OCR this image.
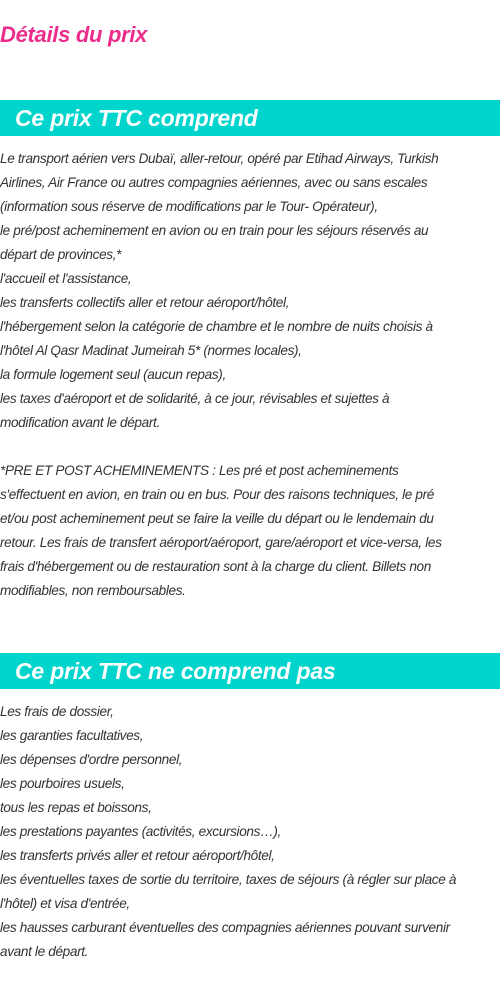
Détails du prix
Ce prix TTC comprend
Le transport aérien vers Dubaï, aller-retour, opéré par Etihad Airways, Turkish
Airlines, Air France ou autres compagnies aériennes, avec ou sans escales
(information sous réserve de modifications par le Tour- Opérateur),
le pré/post acheminement en avion ou en train pour les séjours réservés au
départ de provinces,*
l'accueil et l'assistance,
les transferts collectifs aller et retour aéroport/hôtel,
l'hébergement selon la catégorie de chambre et le nombre de nuits choisis à
l'hôtel Al Qasr Madinat Jumeirah 5* (normes locales),
la formule logement seul (aucun repas),
les taxes d'aéroport et de solidarité, à ce jour, révisables et sujettes à
modification avant le départ.
*PRE ET POST ACHEMINEMENTS : Les pré et post acheminements
s'effectuent en avion, en train ou en bus. Pour des raisons techniques, le pré
et/ou post acheminement peut se faire la veille du départ ou le lendemain du
retour. Les frais de transfert aéroport/aéroport, gare/aéroport et vice-versa, les
frais d'hébergement ou de restauration sont à la charge du client. Billets non
modifiables, non remboursables.
Ce prix TTC ne comprend pas
Les frais de dossier,
les garanties facultatives,
les dépenses d'ordre personnel,
les pourboires usuels,
tous les repas et boissons,
les prestations payantes (activités, excursions…),
les transferts privés aller et retour aéroport/hôtel,
les éventuelles taxes de sortie du territoire, taxes de séjours (à régler sur place à
l'hôtel) et visa d'entrée,
les hausses carburant éventuelles des compagnies aériennes pouvant survenir
avant le départ.
